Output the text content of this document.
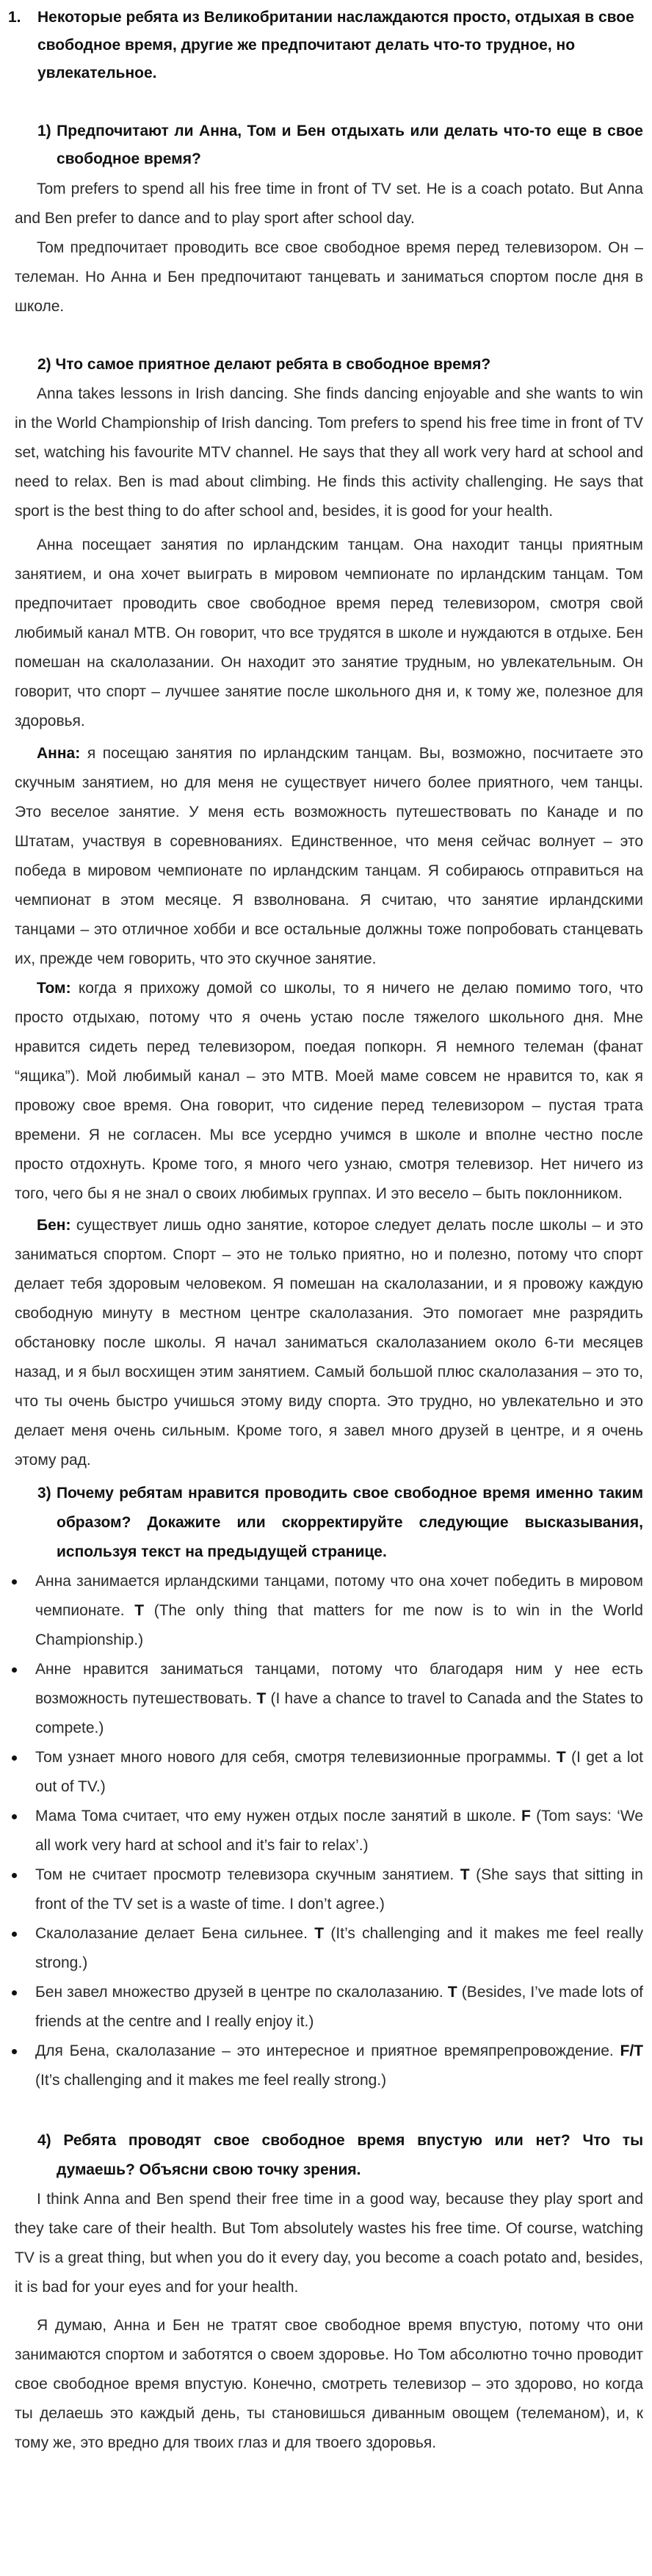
1. Некоторые ребята из Великобритании наслаждаются просто, отдыхая в свое свободное время, другие же предпочитают делать что-то трудное, но увлекательное.
1) Предпочитают ли Анна, Том и Бен отдыхать или делать что-то еще в свое свободное время?
Tom prefers to spend all his free time in front of TV set. He is a coach potato. But Anna and Ben prefer to dance and to play sport after school day.
Том предпочитает проводить все свое свободное время перед телевизором. Он – телеман. Но Анна и Бен предпочитают танцевать и заниматься спортом после дня в школе.
2) Что самое приятное делают ребята в свободное время?
Anna takes lessons in Irish dancing. She finds dancing enjoyable and she wants to win in the World Championship of Irish dancing. Tom prefers to spend his free time in front of TV set, watching his favourite MTV channel. He says that they all work very hard at school and need to relax. Ben is mad about climbing. He finds this activity challenging. He says that sport is the best thing to do after school and, besides, it is good for your health.
Анна посещает занятия по ирландским танцам. Она находит танцы приятным занятием, и она хочет выиграть в мировом чемпионате по ирландским танцам. Том предпочитает проводить свое свободное время перед телевизором, смотря свой любимый канал МТВ. Он говорит, что все трудятся в школе и нуждаются в отдыхе. Бен помешан на скалолазании. Он находит это занятие трудным, но увлекательным. Он говорит, что спорт – лучшее занятие после школьного дня и, к тому же, полезное для здоровья.
Анна: я посещаю занятия по ирландским танцам. Вы, возможно, посчитаете это скучным занятием, но для меня не существует ничего более приятного, чем танцы. Это веселое занятие. У меня есть возможность путешествовать по Канаде и по Штатам, участвуя в соревнованиях. Единственное, что меня сейчас волнует – это победа в мировом чемпионате по ирландским танцам. Я собираюсь отправиться на чемпионат в этом месяце. Я взволнована. Я считаю, что занятие ирландскими танцами – это отличное хобби и все остальные должны тоже попробовать станцевать их, прежде чем говорить, что это скучное занятие.
Том: когда я прихожу домой со школы, то я ничего не делаю помимо того, что просто отдыхаю, потому что я очень устаю после тяжелого школьного дня. Мне нравится сидеть перед телевизором, поедая попкорн. Я немного телеман (фанат “ящика”). Мой любимый канал – это МТВ. Моей маме совсем не нравится то, как я провожу свое время. Она говорит, что сидение перед телевизором – пустая трата времени. Я не согласен. Мы все усердно учимся в школе и вполне честно после просто отдохнуть. Кроме того, я много чего узнаю, смотря телевизор. Нет ничего из того, чего бы я не знал о своих любимых группах. И это весело – быть поклонником.
Бен: существует лишь одно занятие, которое следует делать после школы – и это заниматься спортом. Спорт – это не только приятно, но и полезно, потому что спорт делает тебя здоровым человеком. Я помешан на скалолазании, и я провожу каждую свободную минуту в местном центре скалолазания. Это помогает мне разрядить обстановку после школы. Я начал заниматься скалолазанием около 6-ти месяцев назад, и я был восхищен этим занятием. Самый большой плюс скалолазания – это то, что ты очень быстро учишься этому виду спорта. Это трудно, но увлекательно и это делает меня очень сильным. Кроме того, я завел много друзей в центре, и я очень этому рад.
3) Почему ребятам нравится проводить свое свободное время именно таким образом? Докажите или скорректируйте следующие высказывания, используя текст на предыдущей странице.
Анна занимается ирландскими танцами, потому что она хочет победить в мировом чемпионате. T (The only thing that matters for me now is to win in the World Championship.)
Анне нравится заниматься танцами, потому что благодаря ним у нее есть возможность путешествовать. T (I have a chance to travel to Canada and the States to compete.)
Том узнает много нового для себя, смотря телевизионные программы. T (I get a lot out of TV.)
Мама Тома считает, что ему нужен отдых после занятий в школе. F (Tom says: ‘We all work very hard at school and it’s fair to relax’.)
Том не считает просмотр телевизора скучным занятием. T (She says that sitting in front of the TV set is a waste of time. I don’t agree.)
Скалолазание делает Бена сильнее. T (It’s challenging and it makes me feel really strong.)
Бен завел множество друзей в центре по скалолазанию. T (Besides, I’ve made lots of friends at the centre and I really enjoy it.)
Для Бена, скалолазание – это интересное и приятное времяпрепровождение. F/T (It’s challenging and it makes me feel really strong.)
4) Ребята проводят свое свободное время впустую или нет? Что ты думаешь? Объясни свою точку зрения.
I think Anna and Ben spend their free time in a good way, because they play sport and they take care of their health. But Tom absolutely wastes his free time. Of course, watching TV is a great thing, but when you do it every day, you become a coach potato and, besides, it is bad for your eyes and for your health.
Я думаю, Анна и Бен не тратят свое свободное время впустую, потому что они занимаются спортом и заботятся о своем здоровье. Но Том абсолютно точно проводит свое свободное время впустую. Конечно, смотреть телевизор – это здорово, но когда ты делаешь это каждый день, ты становишься диванным овощем (телеманом), и, к тому же, это вредно для твоих глаз и для твоего здоровья.
